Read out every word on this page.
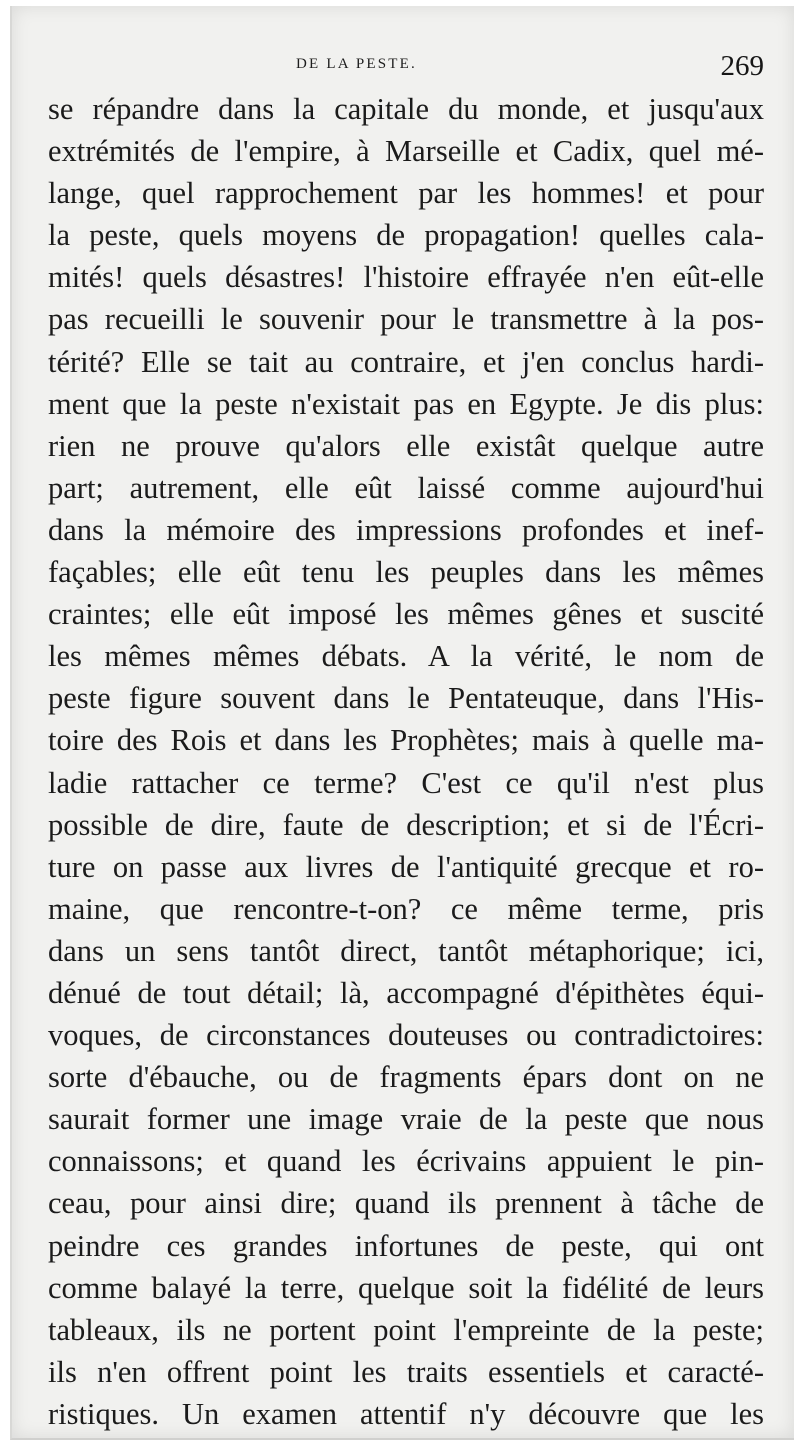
DE LA PESTE.	269
se répandre dans la capitale du monde, et jusqu'aux
extrémités de l'empire, à Marseille et Cadix, quel mé-
lange, quel rapprochement par les hommes! et pour
la peste, quels moyens de propagation! quelles cala-
mités! quels désastres! l'histoire effrayée n'en eût-elle
pas recueilli le souvenir pour le transmettre à la pos-
térité? Elle se tait au contraire, et j'en conclus hardi-
ment que la peste n'existait pas en Egypte. Je dis plus:
rien ne prouve qu'alors elle existât quelque autre
part; autrement, elle eût laissé comme aujourd'hui
dans la mémoire des impressions profondes et inef-
façables; elle eût tenu les peuples dans les mêmes
craintes; elle eût imposé les mêmes gênes et suscité
les mêmes mêmes débats. A la vérité, le nom de
peste figure souvent dans le Pentateuque, dans l'His-
toire des Rois et dans les Prophètes; mais à quelle ma-
ladie rattacher ce terme? C'est ce qu'il n'est plus
possible de dire, faute de description; et si de l'Écri-
ture on passe aux livres de l'antiquité grecque et ro-
maine, que rencontre-t-on? ce même terme, pris
dans un sens tantôt direct, tantôt métaphorique; ici,
dénué de tout détail; là, accompagné d'épithètes équi-
voques, de circonstances douteuses ou contradictoires:
sorte d'ébauche, ou de fragments épars dont on ne
saurait former une image vraie de la peste que nous
connaissons; et quand les écrivains appuient le pin-
ceau, pour ainsi dire; quand ils prennent à tâche de
peindre ces grandes infortunes de peste, qui ont
comme balayé la terre, quelque soit la fidélité de leurs
tableaux, ils ne portent point l'empreinte de la peste;
ils n'en offrent point les traits essentiels et caracté-
ristiques. Un examen attentif n'y découvre que les
